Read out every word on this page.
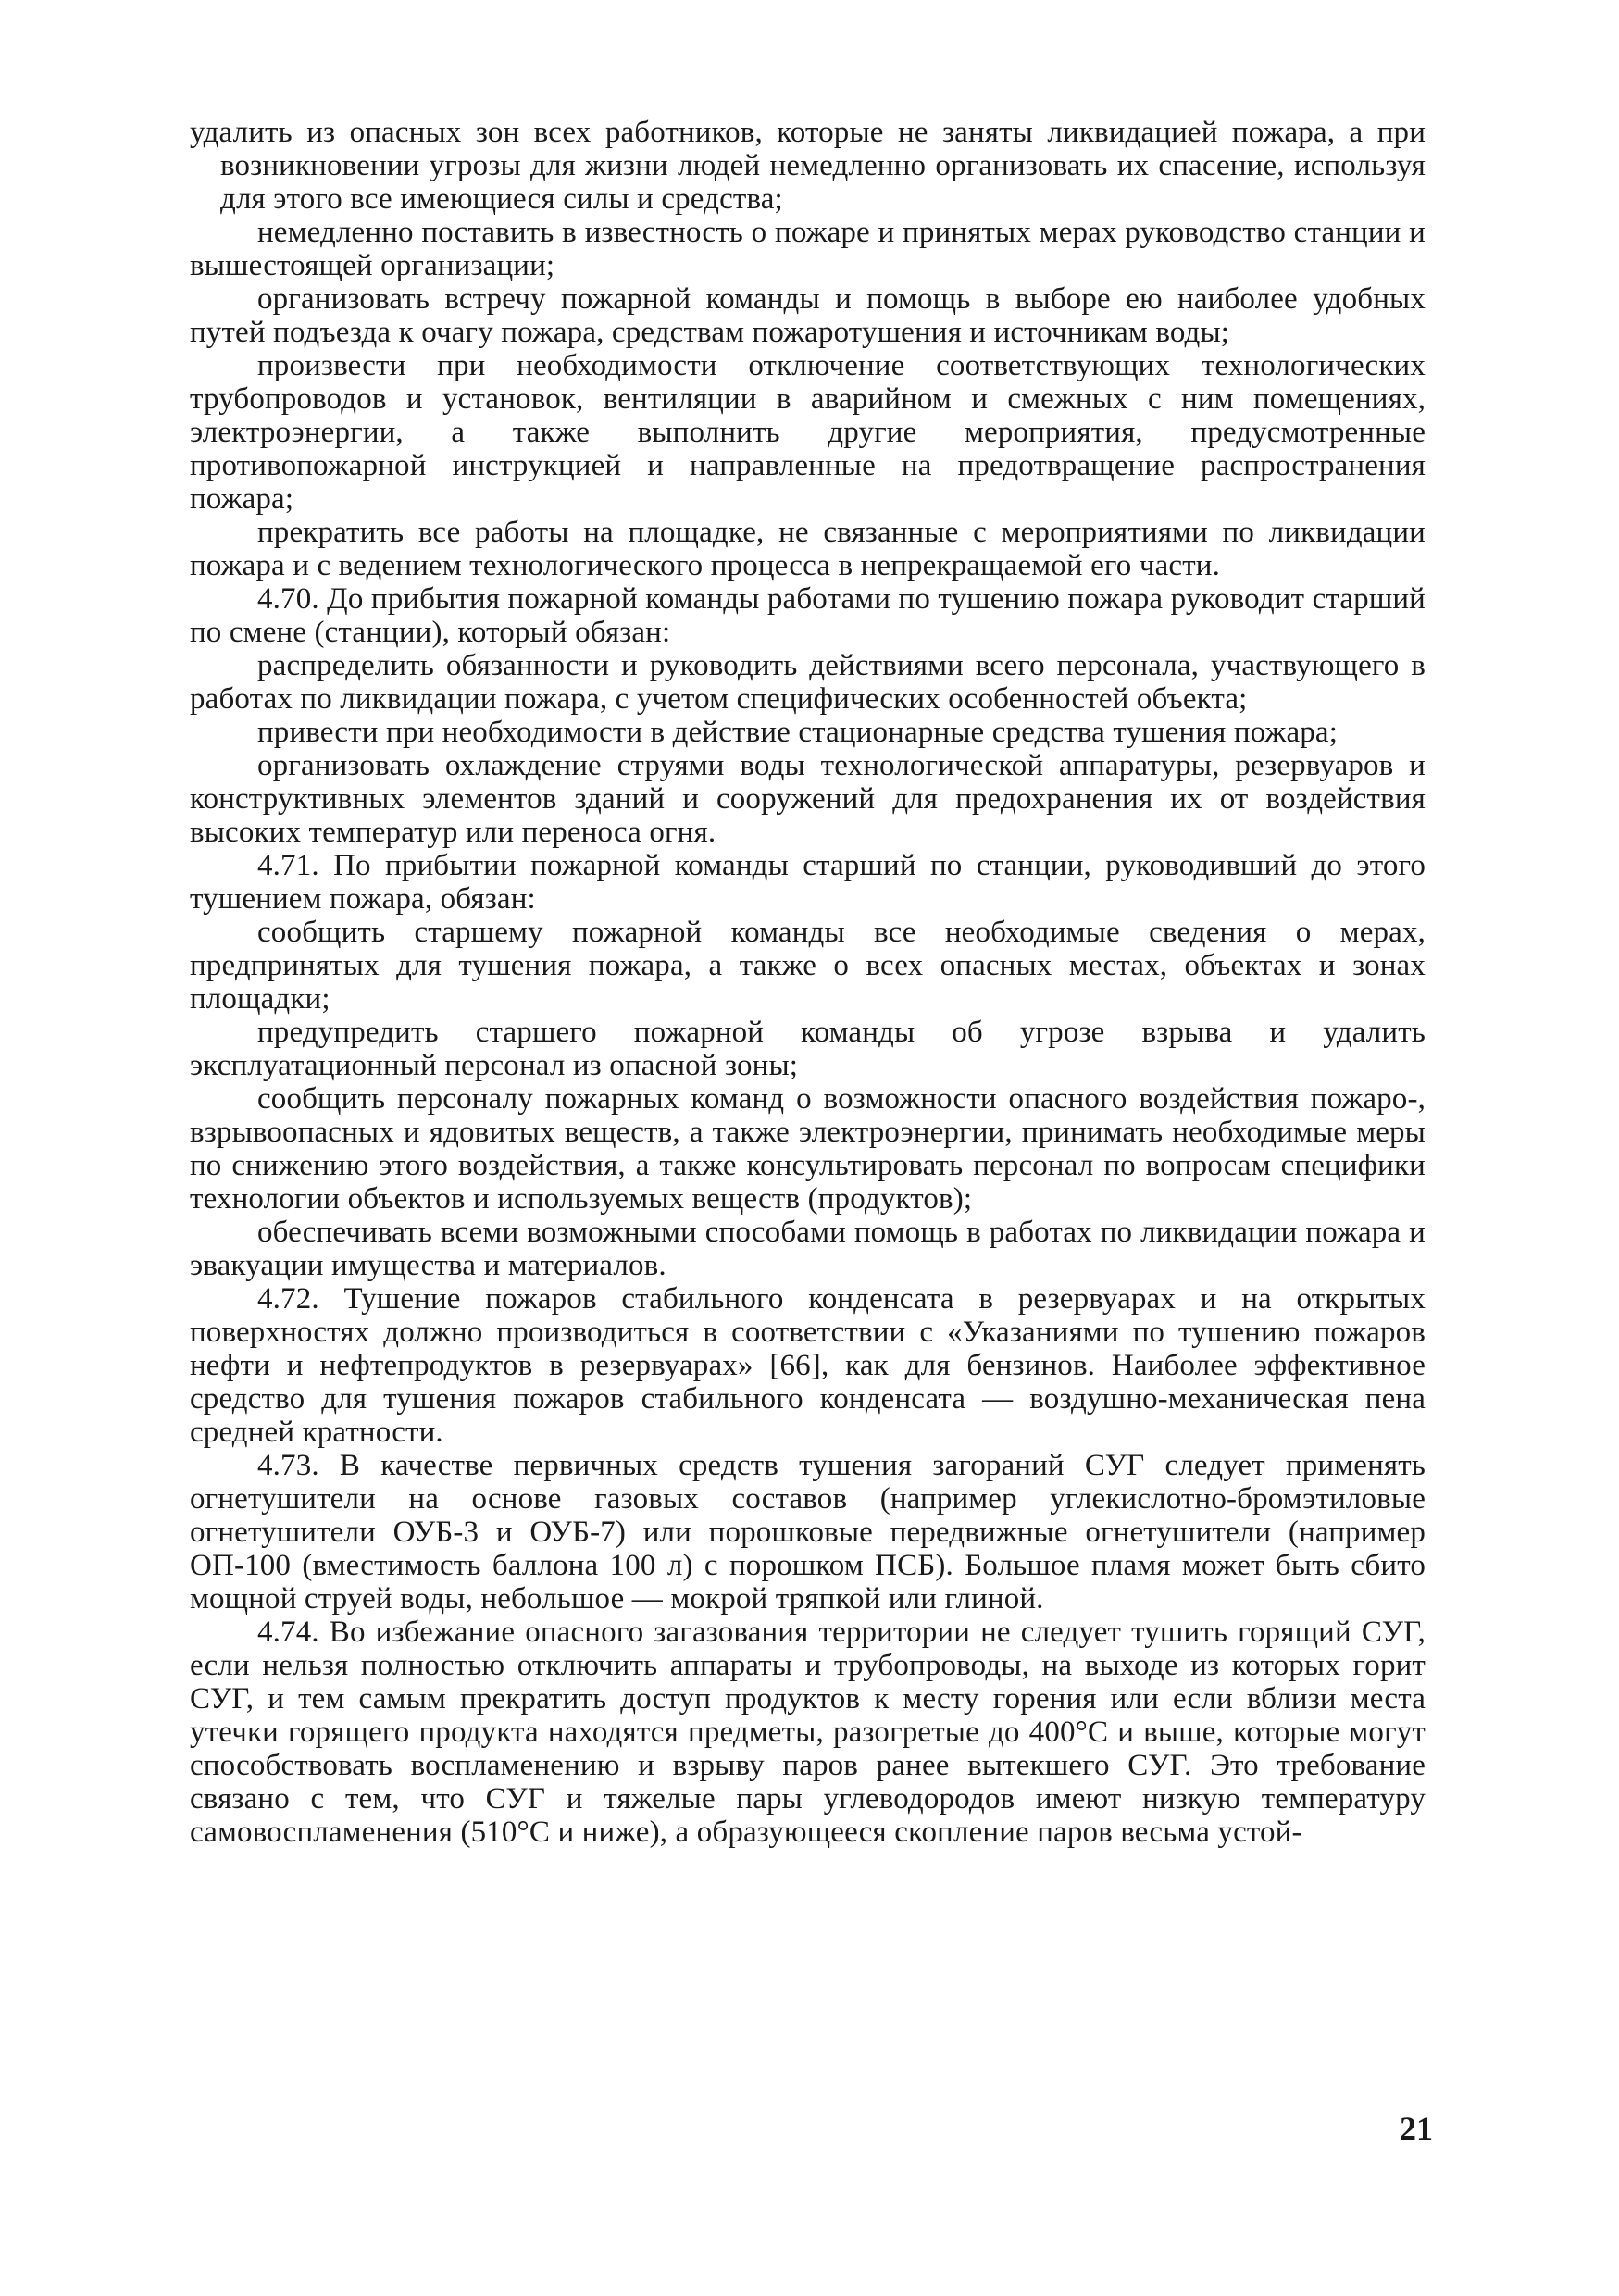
удалить из опасных зон всех работников, которые не заняты ликвидацией пожара, а при возникновении угрозы для жизни людей немедленно организовать их спасение, используя для этого все имеющиеся силы и средства;

немедленно поставить в известность о пожаре и принятых мерах руководство станции и вышестоящей организации;

организовать встречу пожарной команды и помощь в выборе ею наиболее удобных путей подъезда к очагу пожара, средствам пожаротушения и источникам воды;

произвести при необходимости отключение соответствующих технологических трубопроводов и установок, вентиляции в аварийном и смежных с ним помещениях, электроэнергии, а также выполнить другие мероприятия, предусмотренные противопожарной инструкцией и направленные на предотвращение распространения пожара;

прекратить все работы на площадке, не связанные с мероприятиями по ликвидации пожара и с ведением технологического процесса в непрекращаемой его части.

4.70. До прибытия пожарной команды работами по тушению пожара руководит старший по смене (станции), который обязан:

распределить обязанности и руководить действиями всего персонала, участвующего в работах по ликвидации пожара, с учетом специфических особенностей объекта;

привести при необходимости в действие стационарные средства тушения пожара;

организовать охлаждение струями воды технологической аппаратуры, резервуаров и конструктивных элементов зданий и сооружений для предохранения их от воздействия высоких температур или переноса огня.

4.71. По прибытии пожарной команды старший по станции, руководивший до этого тушением пожара, обязан:

сообщить старшему пожарной команды все необходимые сведения о мерах, предпринятых для тушения пожара, а также о всех опасных местах, объектах и зонах площадки;

предупредить старшего пожарной команды об угрозе взрыва и удалить эксплуатационный персонал из опасной зоны;

сообщить персоналу пожарных команд о возможности опасного воздействия пожаро-, взрывоопасных и ядовитых веществ, а также электроэнергии, принимать необходимые меры по снижению этого воздействия, а также консультировать персонал по вопросам специфики технологии объектов и используемых веществ (продуктов);

обеспечивать всеми возможными способами помощь в работах по ликвидации пожара и эвакуации имущества и материалов.

4.72. Тушение пожаров стабильного конденсата в резервуарах и на открытых поверхностях должно производиться в соответствии с «Указаниями по тушению пожаров нефти и нефтепродуктов в резервуарах» [66], как для бензинов. Наиболее эффективное средство для тушения пожаров стабильного конденсата — воздушно-механическая пена средней кратности.

4.73. В качестве первичных средств тушения загораний СУГ следует применять огнетушители на основе газовых составов (например углекислотно-бромэтиловые огнетушители ОУБ-3 и ОУБ-7) или порошковые передвижные огнетушители (например ОП-100 (вместимость баллона 100 л) с порошком ПСБ). Большое пламя может быть сбито мощной струей воды, небольшое — мокрой тряпкой или глиной.

4.74. Во избежание опасного загазования территории не следует тушить горящий СУГ, если нельзя полностью отключить аппараты и трубопроводы, на выходе из которых горит СУГ, и тем самым прекратить доступ продуктов к месту горения или если вблизи места утечки горящего продукта находятся предметы, разогретые до 400°С и выше, которые могут способствовать воспламенению и взрыву паров ранее вытекшего СУГ. Это требование связано с тем, что СУГ и тяжелые пары углеводородов имеют низкую температуру самовоспламенения (510°С и ниже), а образующееся скопление паров весьма устой-

21
